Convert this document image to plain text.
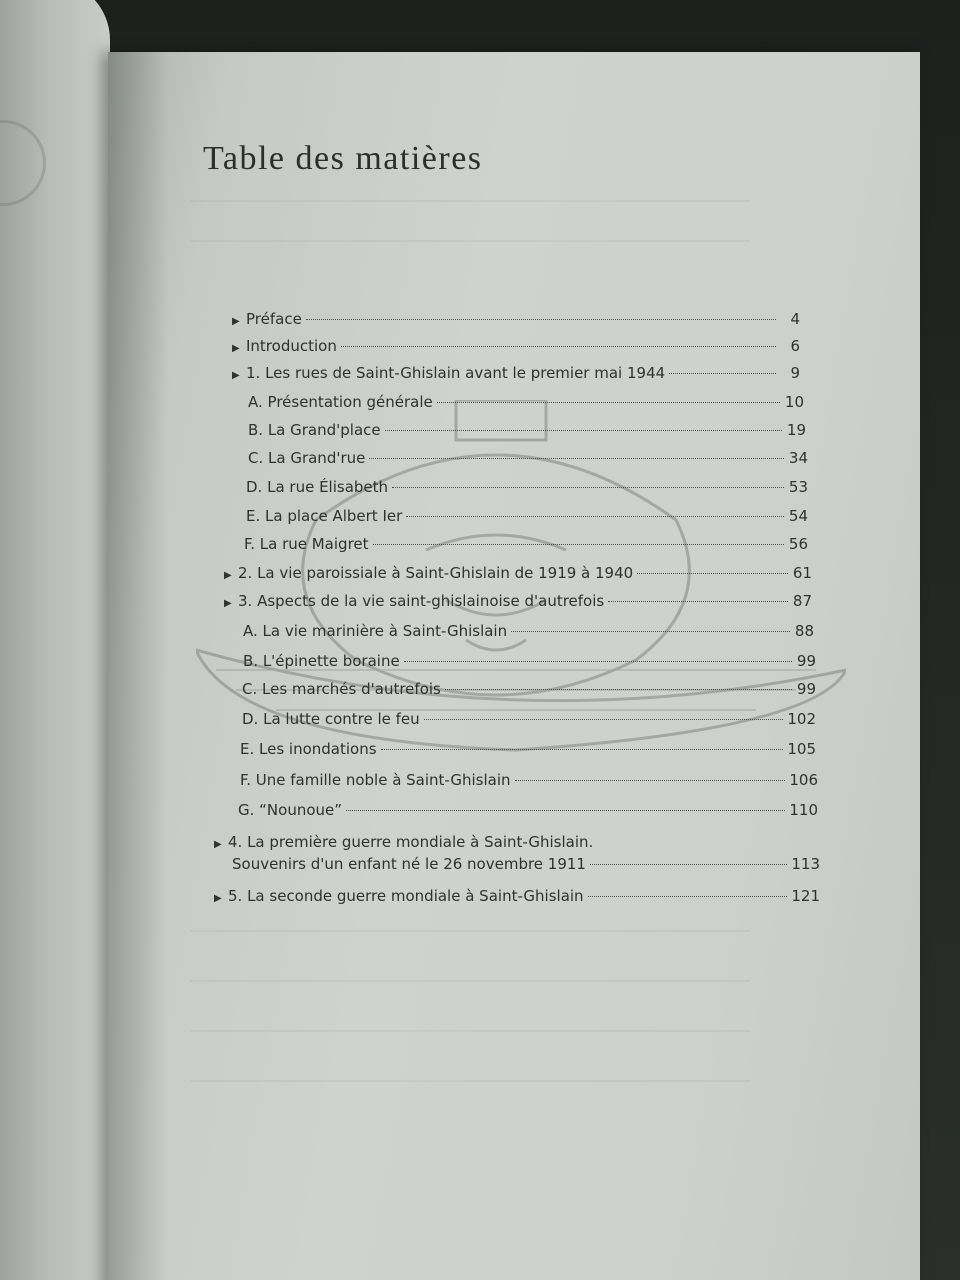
Table des matières
▶ Préface	4
▶ Introduction	6
▶ 1. Les rues de Saint-Ghislain avant le premier mai 1944	9
A. Présentation générale	10
B. La Grand'place	19
C. La Grand'rue	34
D. La rue Élisabeth	53
E. La place Albert Ier	54
F. La rue Maigret	56
▶ 2. La vie paroissiale à Saint-Ghislain de 1919 à 1940	61
▶ 3. Aspects de la vie saint-ghislainoise d'autrefois	87
A. La vie marinière à Saint-Ghislain	88
B. L'épinette boraine	99
C. Les marchés d'autrefois	99
D. La lutte contre le feu	102
E. Les inondations	105
F. Une famille noble à Saint-Ghislain	106
G. “Nounoue”	110
▶ 4. La première guerre mondiale à Saint-Ghislain.
Souvenirs d'un enfant né le 26 novembre 1911	113
▶ 5. La seconde guerre mondiale à Saint-Ghislain	121
